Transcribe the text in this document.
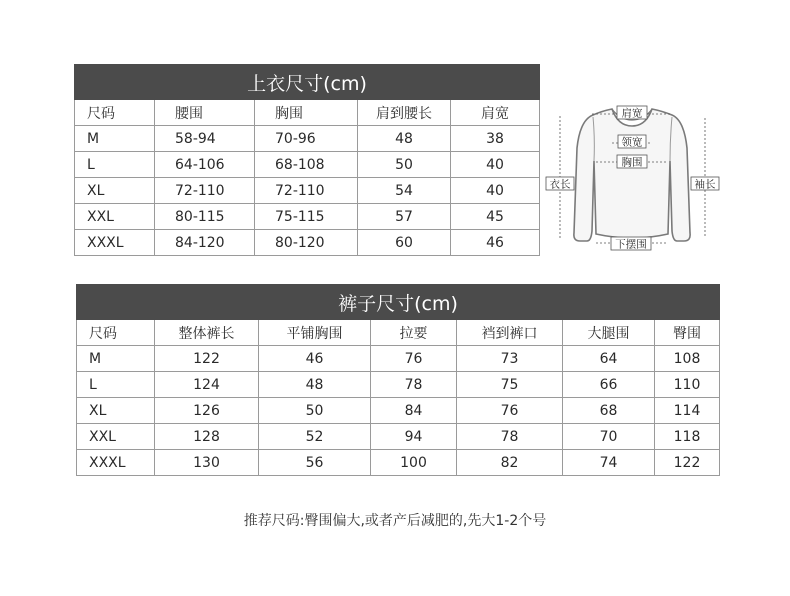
上衣尺寸(cm)				
尺码	腰围	胸围	肩到腰长	肩宽
M	58-94	70-96	48	38
L	64-106	68-108	50	40
XL	72-110	72-110	54	40
XXL	80-115	75-115	57	45
XXXL	84-120	80-120	60	46
肩宽
领宽
胸围
下摆围
衣长	袖长
裤子尺寸(cm)						
尺码	整体裤长	平铺胸围	拉要	裆到裤口	大腿围	臀围
M	122	46	76	73	64	108
L	124	48	78	75	66	110
XL	126	50	84	76	68	114
XXL	128	52	94	78	70	118
XXXL	130	56	100	82	74	122
推荐尺码:臀围偏大,或者产后减肥的,先大1-2个号
